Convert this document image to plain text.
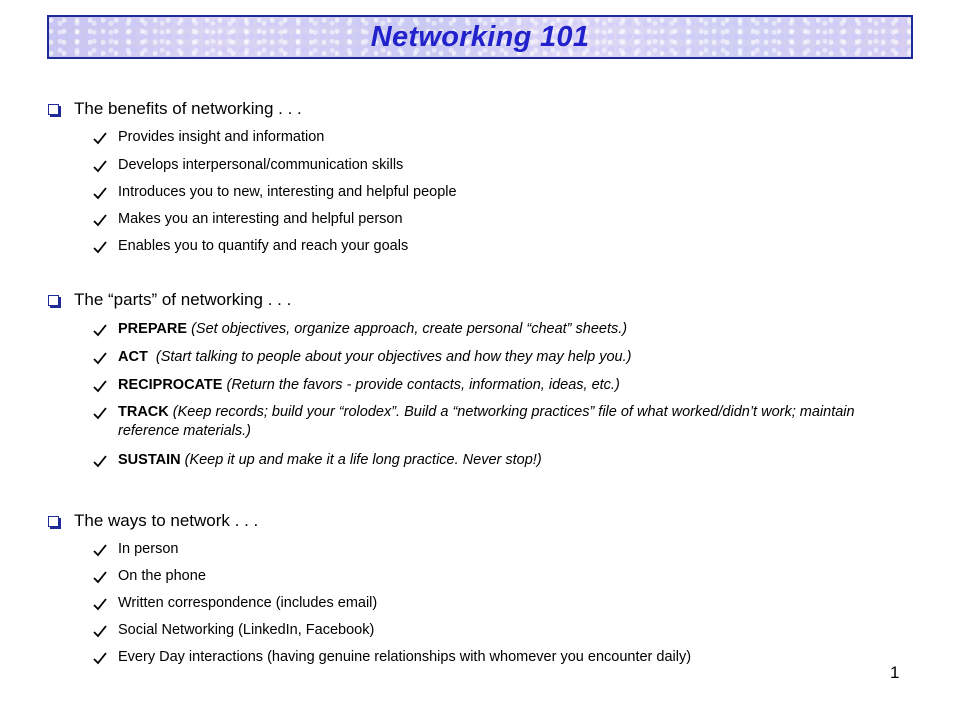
Networking 101
The benefits of networking . . .
Provides insight and information
Develops interpersonal/communication skills
Introduces you to new, interesting and helpful people
Makes you an interesting and helpful person
Enables you to quantify and reach your goals
The “parts” of networking . . .
PREPARE (Set objectives, organize approach, create personal “cheat” sheets.)
ACT (Start talking to people about your objectives and how they may help you.)
RECIPROCATE (Return the favors - provide contacts, information, ideas, etc.)
TRACK (Keep records; build your “rolodex”. Build a “networking practices” file of what worked/didn’t work; maintain reference materials.)
SUSTAIN (Keep it up and make it a life long practice. Never stop!)
The ways to network . . .
In person
On the phone
Written correspondence (includes email)
Social Networking (LinkedIn, Facebook)
Every Day interactions (having genuine relationships with whomever you encounter daily)
1
